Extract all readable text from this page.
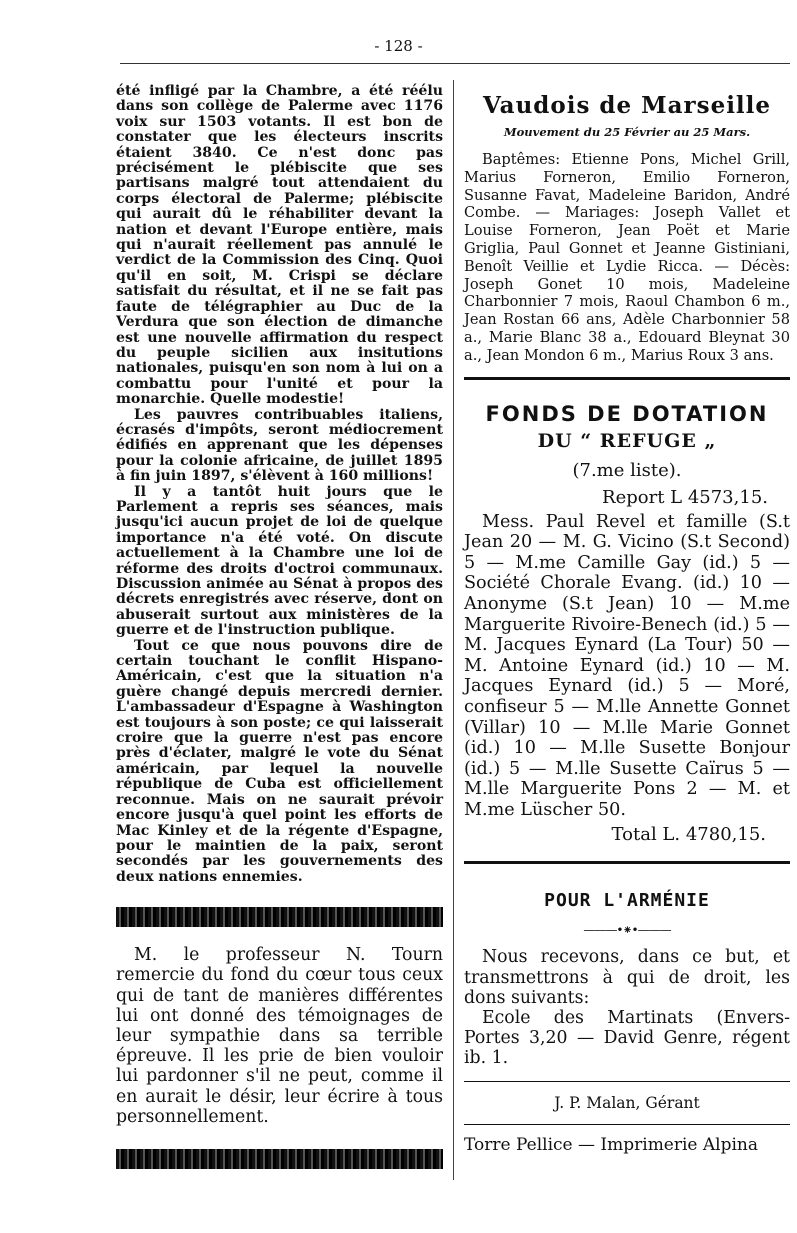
- 128 -

été infligé par la Chambre, a été réélu dans son collège de Palerme avec 1176 voix sur 1503 votants. Il est bon de constater que les électeurs inscrits étaient 3840. Ce n'est donc pas précisément le plébiscite que ses partisans malgré tout attendaient du corps électoral de Palerme; plébiscite qui aurait dû le réhabiliter devant la nation et devant l'Europe entière, mais qui n'aurait réellement pas annulé le verdict de la Commission des Cinq. Quoi qu'il en soit, M. Crispi se déclare satisfait du résultat, et il ne se fait pas faute de télégraphier au Duc de la Verdura que son élection de dimanche est une nouvelle affirmation du respect du peuple sicilien aux insitutions nationales, puisqu'en son nom à lui on a combattu pour l'unité et pour la monarchie. Quelle modestie!

Les pauvres contribuables italiens, écrasés d'impôts, seront médiocrement édifiés en apprenant que les dépenses pour la colonie africaine, de juillet 1895 à fin juin 1897, s'élèvent à 160 millions!

Il y a tantôt huit jours que le Parlement a repris ses séances, mais jusqu'ici aucun projet de loi de quelque importance n'a été voté. On discute actuellement à la Chambre une loi de réforme des droits d'octroi communaux. Discussion animée au Sénat à propos des décrets enregistrés avec réserve, dont on abuserait surtout aux ministères de la guerre et de l'instruction publique.

Tout ce que nous pouvons dire de certain touchant le conflit Hispano-Américain, c'est que la situation n'a guère changé depuis mercredi dernier. L'ambassadeur d'Espagne à Washington est toujours à son poste; ce qui laisserait croire que la guerre n'est pas encore près d'éclater, malgré le vote du Sénat américain, par lequel la nouvelle république de Cuba est officiellement reconnue. Mais on ne saurait prévoir encore jusqu'à quel point les efforts de Mac Kinley et de la régente d'Espagne, pour le maintien de la paix, seront secondés par les gouvernements des deux nations ennemies.

M. le professeur N. Tourn remercie du fond du cœur tous ceux qui de tant de manières différentes lui ont donné des témoignages de leur sympathie dans sa terrible épreuve. Il les prie de bien vouloir lui pardonner s'il ne peut, comme il en aurait le désir, leur écrire à tous personnellement.

Vaudois de Marseille
Mouvement du 25 Février au 25 Mars.

Baptêmes: Etienne Pons, Michel Grill, Marius Forneron, Emilio Forneron, Susanne Favat, Madeleine Baridon, André Combe. — Mariages: Joseph Vallet et Louise Forneron, Jean Poët et Marie Griglia, Paul Gonnet et Jeanne Gistiniani, Benoît Veillie et Lydie Ricca. — Décès: Joseph Gonet 10 mois, Madeleine Charbonnier 7 mois, Raoul Chambon 6 m., Jean Rostan 66 ans, Adèle Charbonnier 58 a., Marie Blanc 38 a., Edouard Bleynat 30 a., Jean Mondon 6 m., Marius Roux 3 ans.

FONDS DE DOTATION
DU “ REFUGE „
(7.me liste).
Report L 4573,15.

Mess. Paul Revel et famille (S.t Jean 20 — M. G. Vicino (S.t Second) 5 — M.me Camille Gay (id.) 5 — Société Chorale Evang. (id.) 10 — Anonyme (S.t Jean) 10 — M.me Marguerite Rivoire-Benech (id.) 5 — M. Jacques Eynard (La Tour) 50 — M. Antoine Eynard (id.) 10 — M. Jacques Eynard (id.) 5 — Moré, confiseur 5 — M.lle Annette Gonnet (Villar) 10 — M.lle Marie Gonnet (id.) 10 — M.lle Susette Bonjour (id.) 5 — M.lle Susette Caïrus 5 — M.lle Marguerite Pons 2 — M. et M.me Lüscher 50.

Total L. 4780,15.
POUR L'ARMÉNIE
———•⁕•———

Nous recevons, dans ce but, et transmettrons à qui de droit, les dons suivants:

Ecole des Martinats (Envers-Portes 3,20 — David Genre, régent ib. 1.

J. P. Malan, Gérant
Torre Pellice — Imprimerie Alpina
